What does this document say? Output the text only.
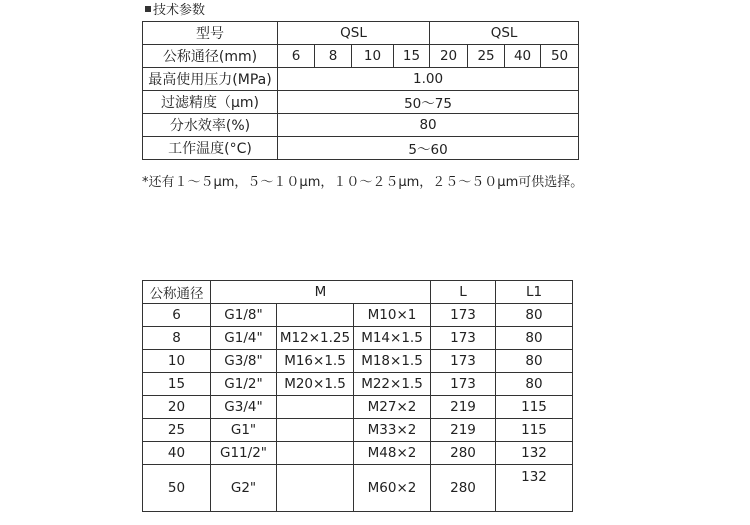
技术参数
型号	QSL				QSL			
公称通径(mm)	6	8	10	15	20	25	40	50
最高使用压力(MPa)	1.00							
过滤精度（μm)	50～75							
分水效率(%)	80							
工作温度(°C)	5～60							
*还有１～５μm，５～１０μm，１０～２５μm，２５～５０μm可供选择。
公称通径	M			L	L1
6	G1/8"		M10×1	173	80
8	G1/4"	M12×1.25	M14×1.5	173	80
10	G3/8"	M16×1.5	M18×1.5	173	80
15	G1/2"	M20×1.5	M22×1.5	173	80
20	G3/4"		M27×2	219	115
25	G1"		M33×2	219	115
40	G11/2"		M48×2	280	132
50	G2"		M60×2	280	132
